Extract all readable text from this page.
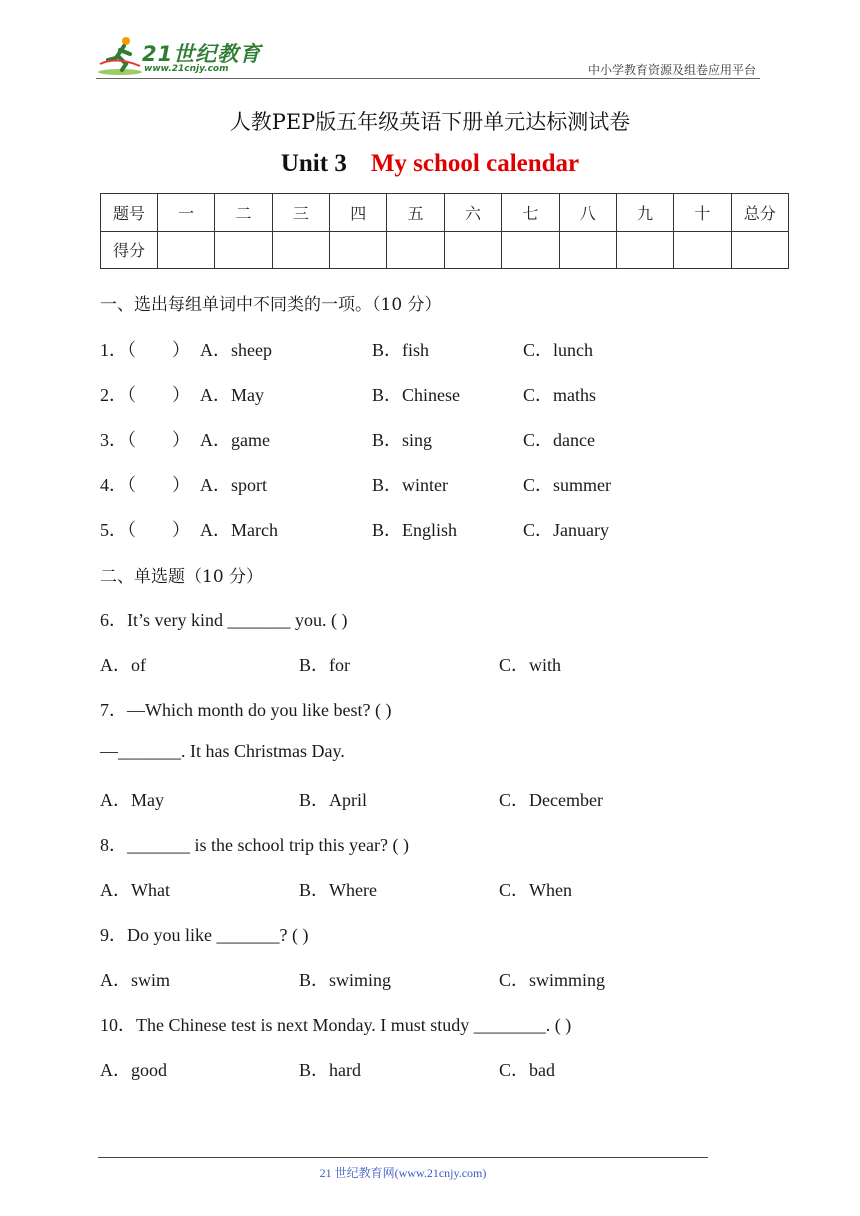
21世纪教育
www.21cnjy.com	中小学教育资源及组卷应用平台
人教PEP版五年级英语下册单元达标测试卷
Unit 3 My school calendar
题号	一	二	三	四	五	六	七	八	九	十	总分
得分											
一、选出每组单词中不同类的一项。（10 分）
1．（　　） A．sheep	B．fish	C．lunch
2．（　　） A．May	B．Chinese	C．maths
3．（　　） A．game	B．sing	C．dance
4．（　　） A．sport	B．winter	C．summer
5．（　　） A．March	B．English	C．January
二、单选题（10 分）
6．It’s very kind _______ you. ( )
A．of	B．for	C．with
7．—Which month do you like best? ( )
—_______. It has Christmas Day.
A．May	B．April	C．December
8．_______ is the school trip this year? ( )
A．What	B．Where	C．When
9．Do you like _______? ( )
A．swim	B．swiming	C．swimming
10．The Chinese test is next Monday. I must study ________. ( )
A．good	B．hard	C．bad
21 世纪教育网(www.21cnjy.com)
